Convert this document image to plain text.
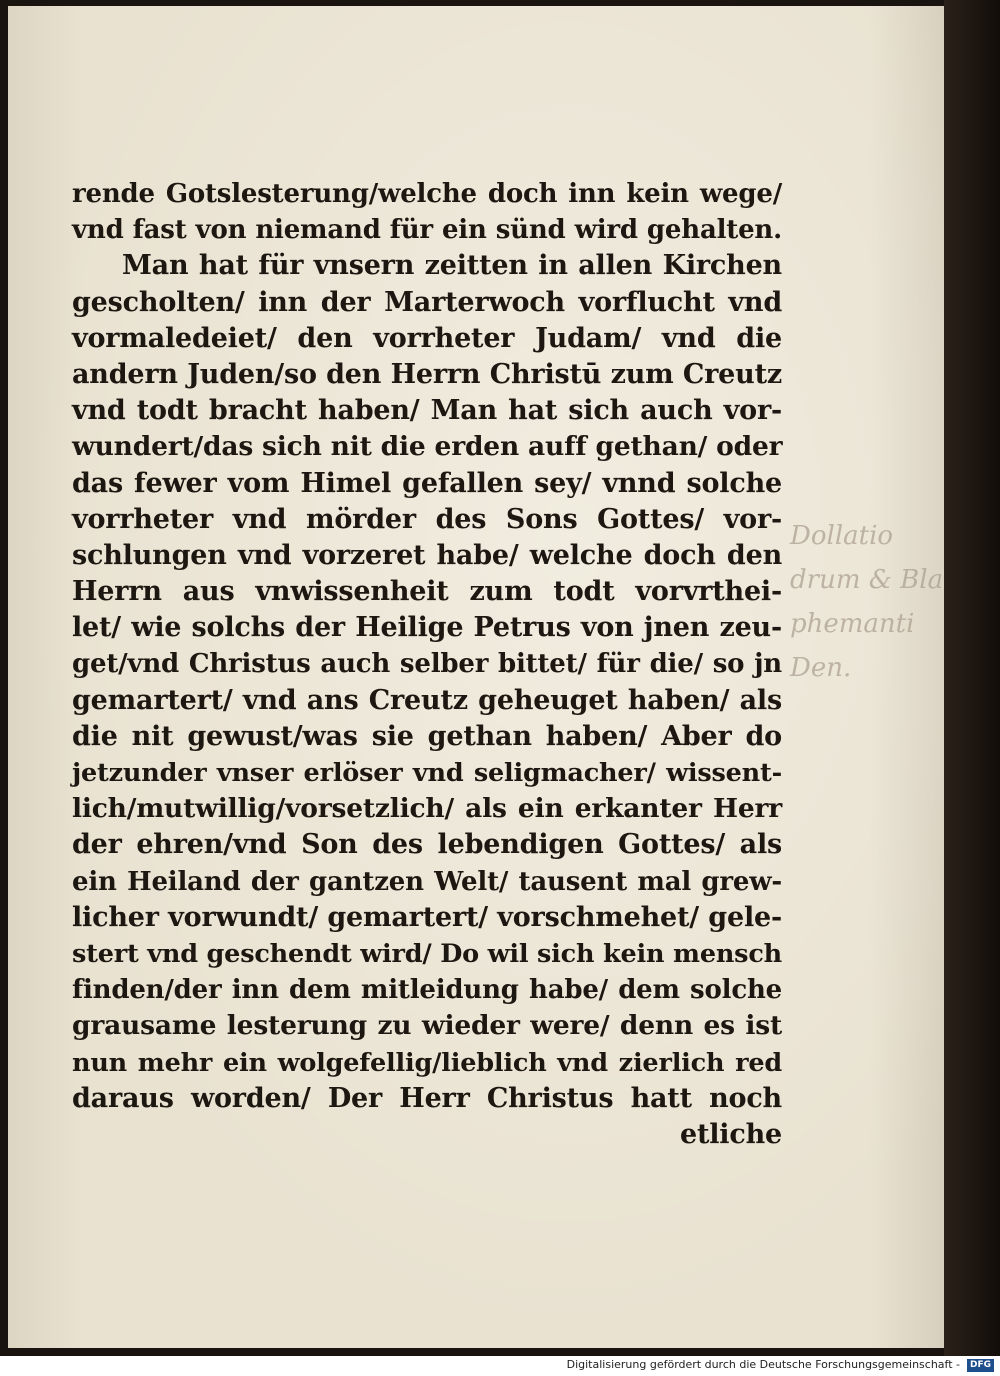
rende Gotslesterung/welche doch inn kein wege/
vnd fast von niemand für ein sünd wird gehalten.
Man hat für vnsern zeitten in allen Kirchen
gescholten/ inn der Marterwoch vorflucht vnd
vormaledeiet/ den vorrheter Judam/ vnd die
andern Juden/so den Herrn Christū zum Creutz
vnd todt bracht haben/ Man hat sich auch vor-
wundert/das sich nit die erden auff gethan/ oder
das fewer vom Himel gefallen sey/ vnnd solche
vorrheter vnd mörder des Sons Gottes/ vor-
schlungen vnd vorzeret habe/ welche doch den
Herrn aus vnwissenheit zum todt vorvrthei-
let/ wie solchs der Heilige Petrus von jnen zeu-
get/vnd Christus auch selber bittet/ für die/ so jn
gemartert/ vnd ans Creutz geheuget haben/ als
die nit gewust/was sie gethan haben/ Aber do
jetzunder vnser erlöser vnd seligmacher/ wissent-
lich/mutwillig/vorsetzlich/ als ein erkanter Herr
der ehren/vnd Son des lebendigen Gottes/ als
ein Heiland der gantzen Welt/ tausent mal grew-
licher vorwundt/ gemartert/ vorschmehet/ gele-
stert vnd geschendt wird/ Do wil sich kein mensch
finden/der inn dem mitleidung habe/ dem solche
grausame lesterung zu wieder were/ denn es ist
nun mehr ein wolgefellig/lieblich vnd zierlich red
daraus worden/ Der Herr Christus hatt noch
etliche
Dollatio
drum & Bla
phemanti
Den.
Digitalisierung gefördert durch die Deutsche Forschungsgemeinschaft -	DFG
